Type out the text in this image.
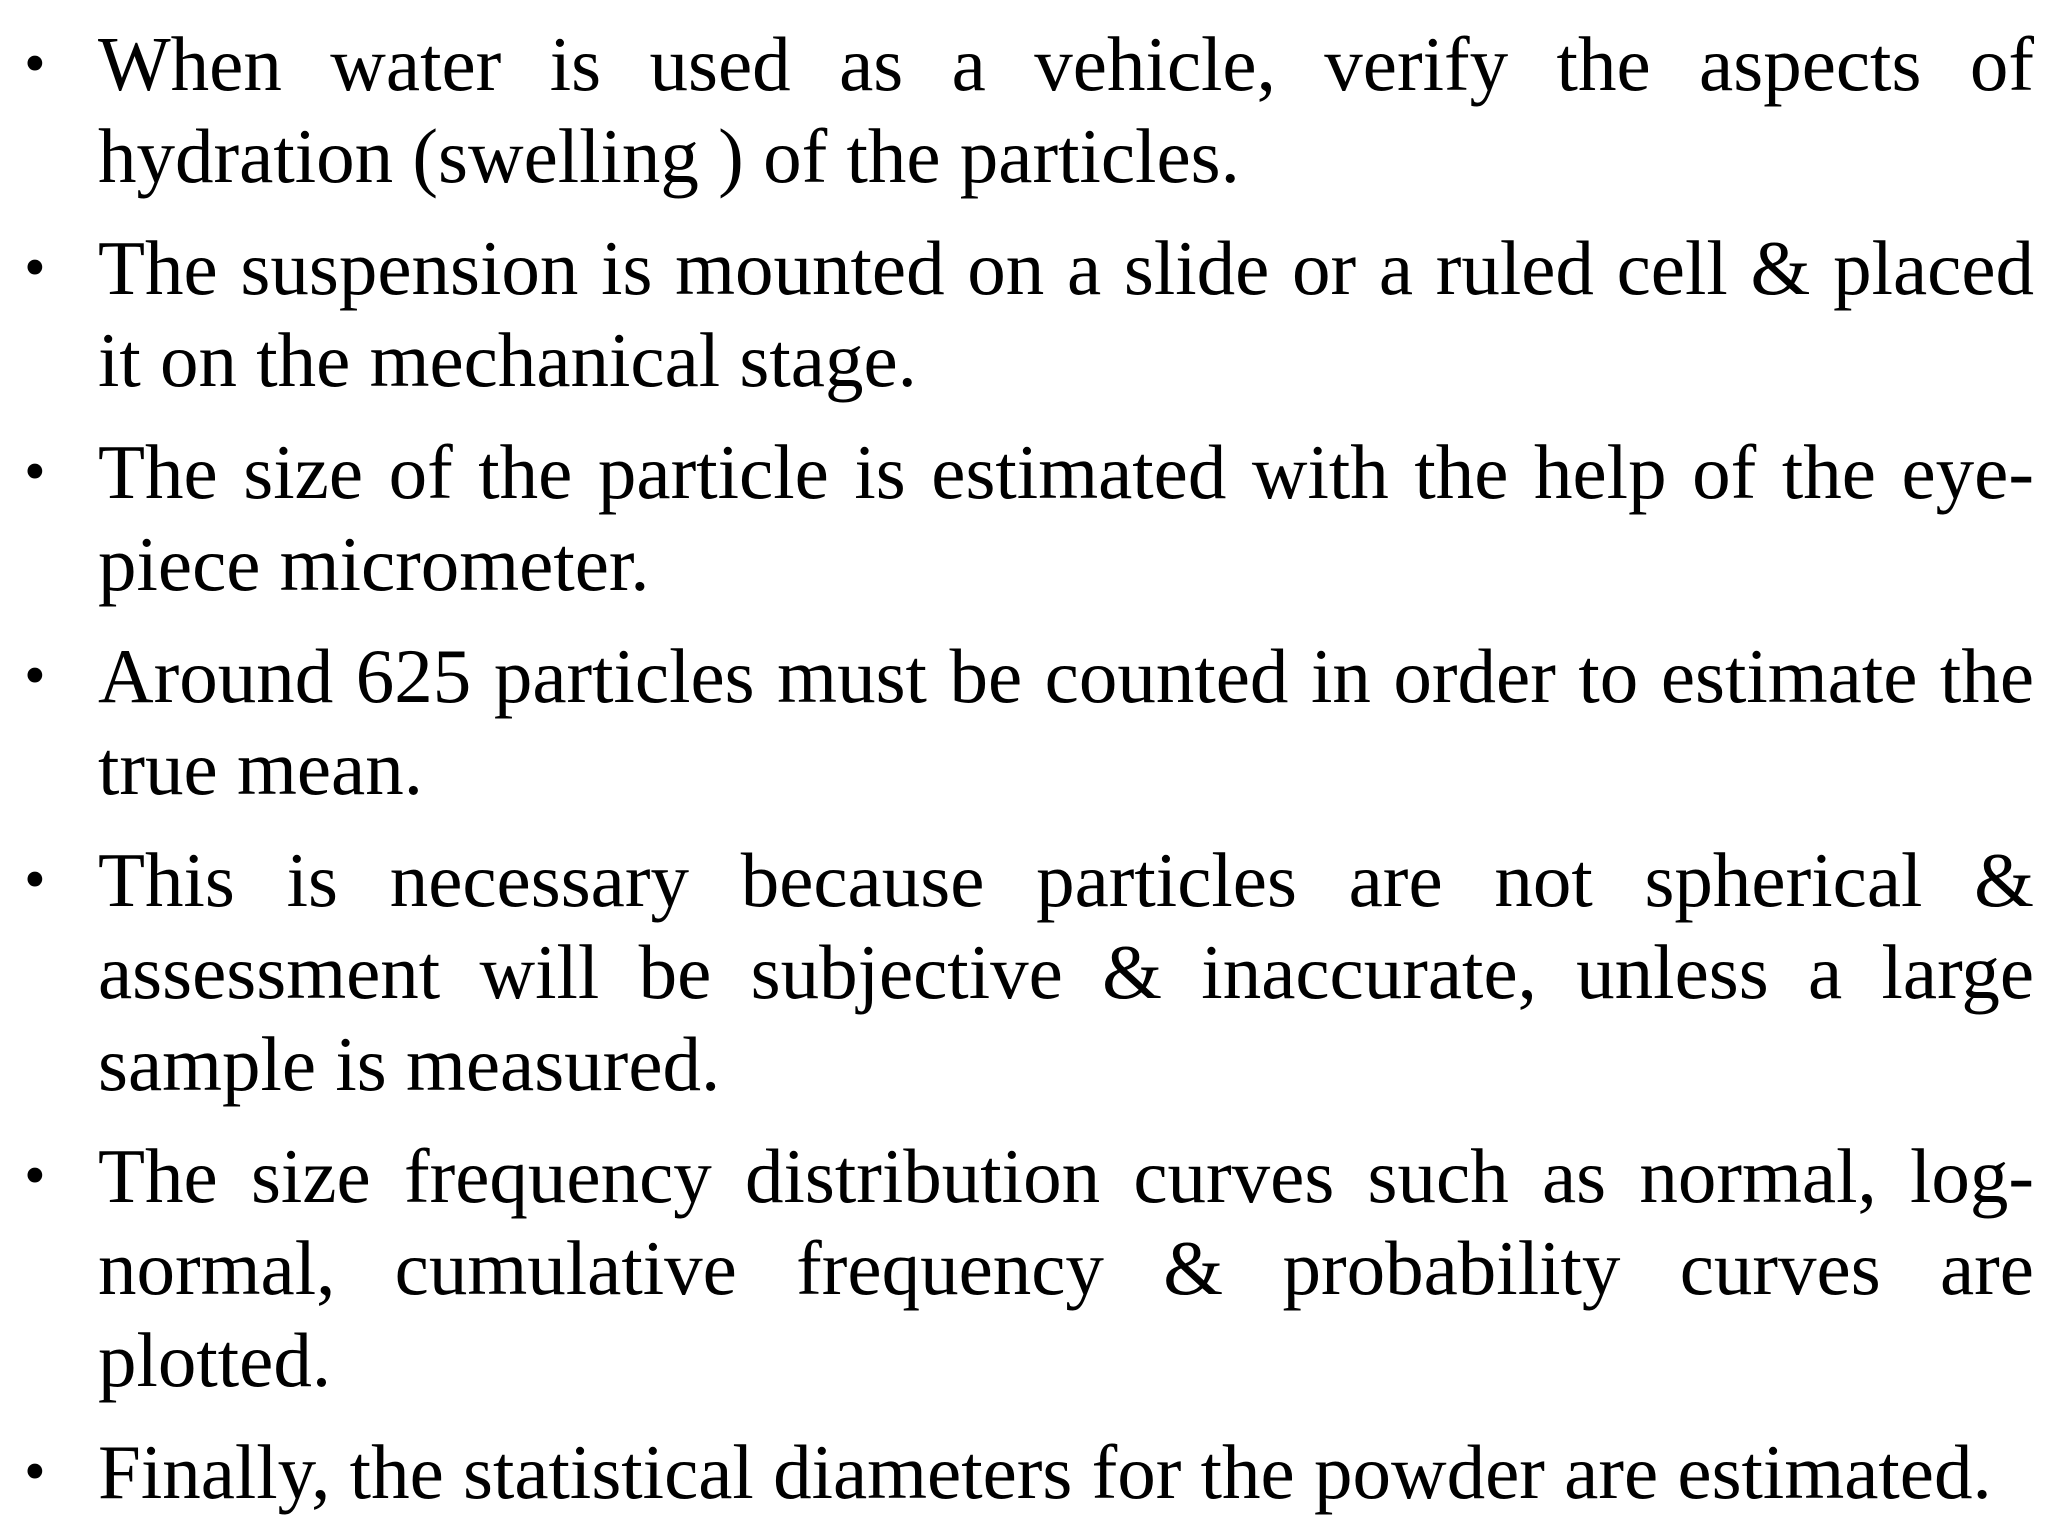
• When water is used as a vehicle, verify the aspects of hydration (swelling ) of the particles.
• The suspension is mounted on a slide or a ruled cell & placed it on the mechanical stage.
• The size of the particle is estimated with the help of the eye-piece micrometer.
• Around 625 particles must be counted in order to estimate the true mean.
• This is necessary because particles are not spherical & assessment will be subjective & inaccurate, unless a large sample is measured.
• The size frequency distribution curves such as normal, log-normal, cumulative frequency & probability curves are plotted.
• Finally, the statistical diameters for the powder are estimated.
